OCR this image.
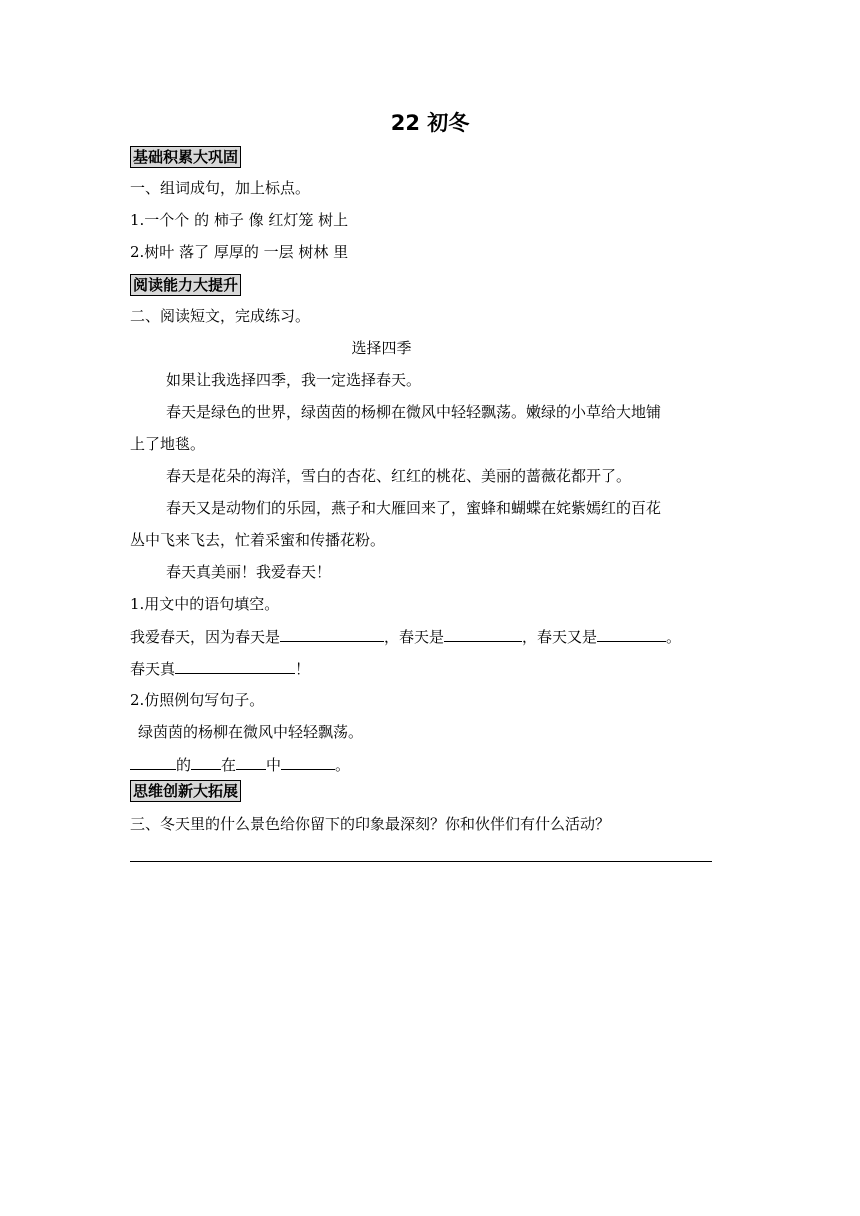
22 初冬
基础积累大巩固
一、组词成句，加上标点。
1.一个个 的 柿子 像 红灯笼 树上
2.树叶 落了 厚厚的 一层 树林 里
阅读能力大提升
二、阅读短文，完成练习。
选择四季
如果让我选择四季，我一定选择春天。
春天是绿色的世界，绿茵茵的杨柳在微风中轻轻飘荡。嫩绿的小草给大地铺
上了地毯。
春天是花朵的海洋，雪白的杏花、红红的桃花、美丽的蔷薇花都开了。
春天又是动物们的乐园，燕子和大雁回来了，蜜蜂和蝴蝶在姹紫嫣红的百花
丛中飞来飞去，忙着采蜜和传播花粉。
春天真美丽！我爱春天！
1.用文中的语句填空。
我爱春天，因为春天是	，春天是	，春天又是	。
春天真	！
2.仿照例句写句子。
绿茵茵的杨柳在微风中轻轻飘荡。
的 在 中	。
思维创新大拓展
三、冬天里的什么景色给你留下的印象最深刻？你和伙伴们有什么活动？
